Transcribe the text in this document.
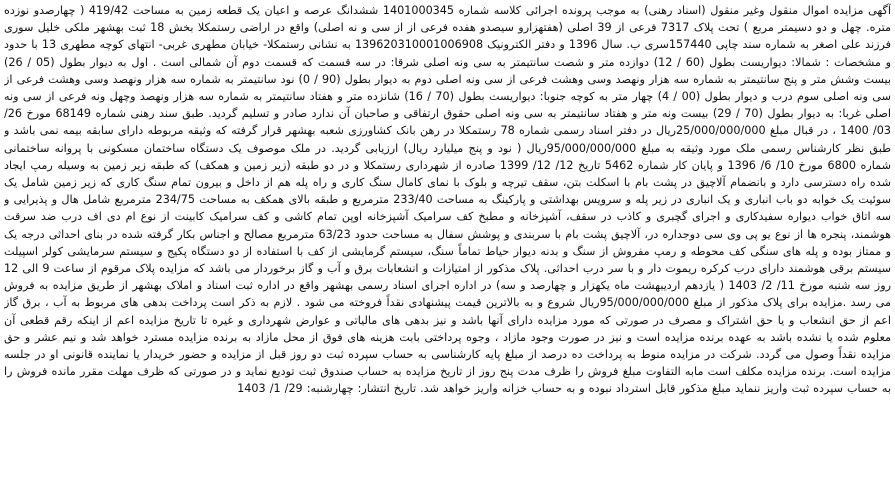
آگهی مزایده اموال منقول وغیر منقول (اسناد رهنی) به موجب پرونده اجرائی کلاسه شماره 1401000345 ششدانگ عرصه و اعیان یک قطعه زمین به مساحت 419/42 ( چهارصدو نوزده متره. چهل و دو دسیمتر مربع ) تحت پلاک 7317 فرعی از 39 اصلی (هفتهزارو سیصدو هفده فرعی از از سی و نه اصلی) واقع در اراضی رستمکلا بخش 18 ثبت بهشهر ملکی خلیل سوری فرزند علی اصغر به شماره سند چاپی 157440سری ب. سال 1396 و دفتر الکترونیک 139620310001006908 به نشانی رستمکلا- خیابان مطهری غربی- انتهای کوچه مطهری 13 با حدود و مشخصات : شمالا: دیواریست بطول (60 / 12) دوازده متر و شصت سانتیمتر به سی ونه اصلی شرقا: در سه قسمت که قسمت دوم آن شمالی است . اول به دیوار بطول (05 / 26) بیست وشش متر و پنج سانتیمتر به شماره سه هزار ونهصد وسی وهشت فرعی از سی ونه اصلی دوم به دیوار بطول (90 / 0) نود سانتیمتر به شماره سه هزار ونهصد وسی وهشت فرعی از سی ونه اصلی سوم درب و دیوار بطول (00 / 4) چهار متر به کوچه جنوبا: دیواریست بطول (70 / 16) شانزده متر و هفتاد سانتیمتر به شماره سه هزار ونهصد وچهل ونه فرعی از سی ونه اصلی غربا: به دیوار بطول (70 / 29) بیست ونه متر و هفتاد سانتیمتر به سی ونه اصلی حقوق ارتفاقی و صاحبان آن ندارد صادر و تسلیم گردید. طبق سند رهنی شماره 68149 مورخ 26/ 03/ 1400 ، در قبال مبلغ 25/000/000/000ریال در دفتر اسناد رسمی شماره 78 رستمکلا در رهن بانک کشاورزی شعبه بهشهر قرار گرفته که وثیقه مربوطه دارای سابقه بیمه نمی باشد و طبق نظر کارشناس رسمی ملک مورد وثیقه به مبلغ 95/000/000/000ریال ( نود و پنج میلیارد ریال) ارزیابی گردید. در ملک موصوف یک دستگاه ساختمان مسکونی با پروانه ساختمانی شماره 6800 مورخ 10/ 6/ 1396 و پایان کار شماره 5462 تاریخ 12/ 12/ 1399 صادره از شهرداری رستمکلا و در دو طبقه (زیر زمین و همکف) که طبقه زیر زمین به وسیله رمپ ایجاد شده راه دسترسی دارد و بانضمام آلاچیق در پشت بام با اسکلت بتن، سقف تیرچه و بلوک با نمای کامال سنگ کاری و راه پله هم از داخل و بیرون تمام سنگ کاری که زیر زمین شامل یک سوئیت یک خوابه دو باب انباری و یک انباری در زیر پله و سرویس بهداشتی و پارکینگ به مساحت 233/40 مترمربع و طبقه بالای همکف به مساحت 234/75 مترمربع شامل هال و پذیرایی و سه اتاق خواب دیواره سفیدکاری و اجرای گچبری و کاذب در سقف، آشپزخانه و مطبخ کف سرامیک آشپزخانه اوپن تمام کاشی و کف سرامیک کابینت از نوع ام دی اف درب ضد سرقت هوشمند، پنجره ها از نوع یو پی وی سی دوجداره در، آلاچیق پشت بام با سربندی و پوشش سفال به مساحت حدود 63/23 مترمربع مصالح و اجناس بکار گرفته شده در بنای احداثی درجه یک و ممتاز بوده و پله های سنگی کف محوطه و رمپ مفروش از سنگ و بدنه دیوار حیاط تماماً سنگ، سیستم گرمایشی از کف با استفاده از دو دستگاه پکیج و سیستم سرمایشی کولر اسپیلت سیستم برقی هوشمند دارای درب کرکره ریموت دار و با سر درب احداثی. پلاک مذکور از امتیازات و انشعابات برق و آب و گاز برخوردار می باشد که مزایده پلاک مرقوم از ساعت 9 الی 12 روز سه شنبه مورخ 11/ 2/ 1403 ( یازدهم اردیبهشت ماه یکهزار و چهارصد و سه) در اداره اجرای اسناد رسمی بهشهر واقع در اداره ثبت اسناد و املاک بهشهر از طریق مزایده به فروش می رسد .مزایده برای پلاک مذکور از مبلغ 95/000/000/000ریال شروع و به بالاترین قیمت پیشنهادی نقداً فروخته می شود . لازم به ذکر است پرداخت بدهی های مربوط به آب ، برق گاز اعم از حق انشعاب و یا حق اشتراک و مصرف در صورتی که مورد مزایده دارای آنها باشد و نیز بدهی های مالیاتی و عوارض شهرداری و غیره تا تاریخ مزایده اعم از اینکه رقم قطعی آن معلوم شده یا نشده باشد به عهده برنده مزایده است و نیز در صورت وجود مازاد ، وجوه پرداختی بابت هزینه های فوق از محل مازاد به برنده مزایده مسترد خواهد شد و نیم عشر و حق مزایده نقداً وصول می گردد. شرکت در مزایده منوط به پرداخت ده درصد از مبلغ پایه کارشناسی به حساب سپرده ثبت دو روز قبل از مزایده و حضور خریدار یا نماینده قانونی او در جلسه مزایده است. برنده مزایده مکلف است مابه التفاوت مبلغ فروش را ظرف مدت پنج روز از تاریخ مزایده به حساب صندوق ثبت تودیع نماید و در صورتی که ظرف مهلت مقرر مانده فروش را به حساب سپرده ثبت واریز ننماید مبلغ مذکور قابل استرداد نبوده و به حساب خزانه واریز خواهد شد. تاریخ انتشار: چهارشنبه: 29/ 1/ 1403
